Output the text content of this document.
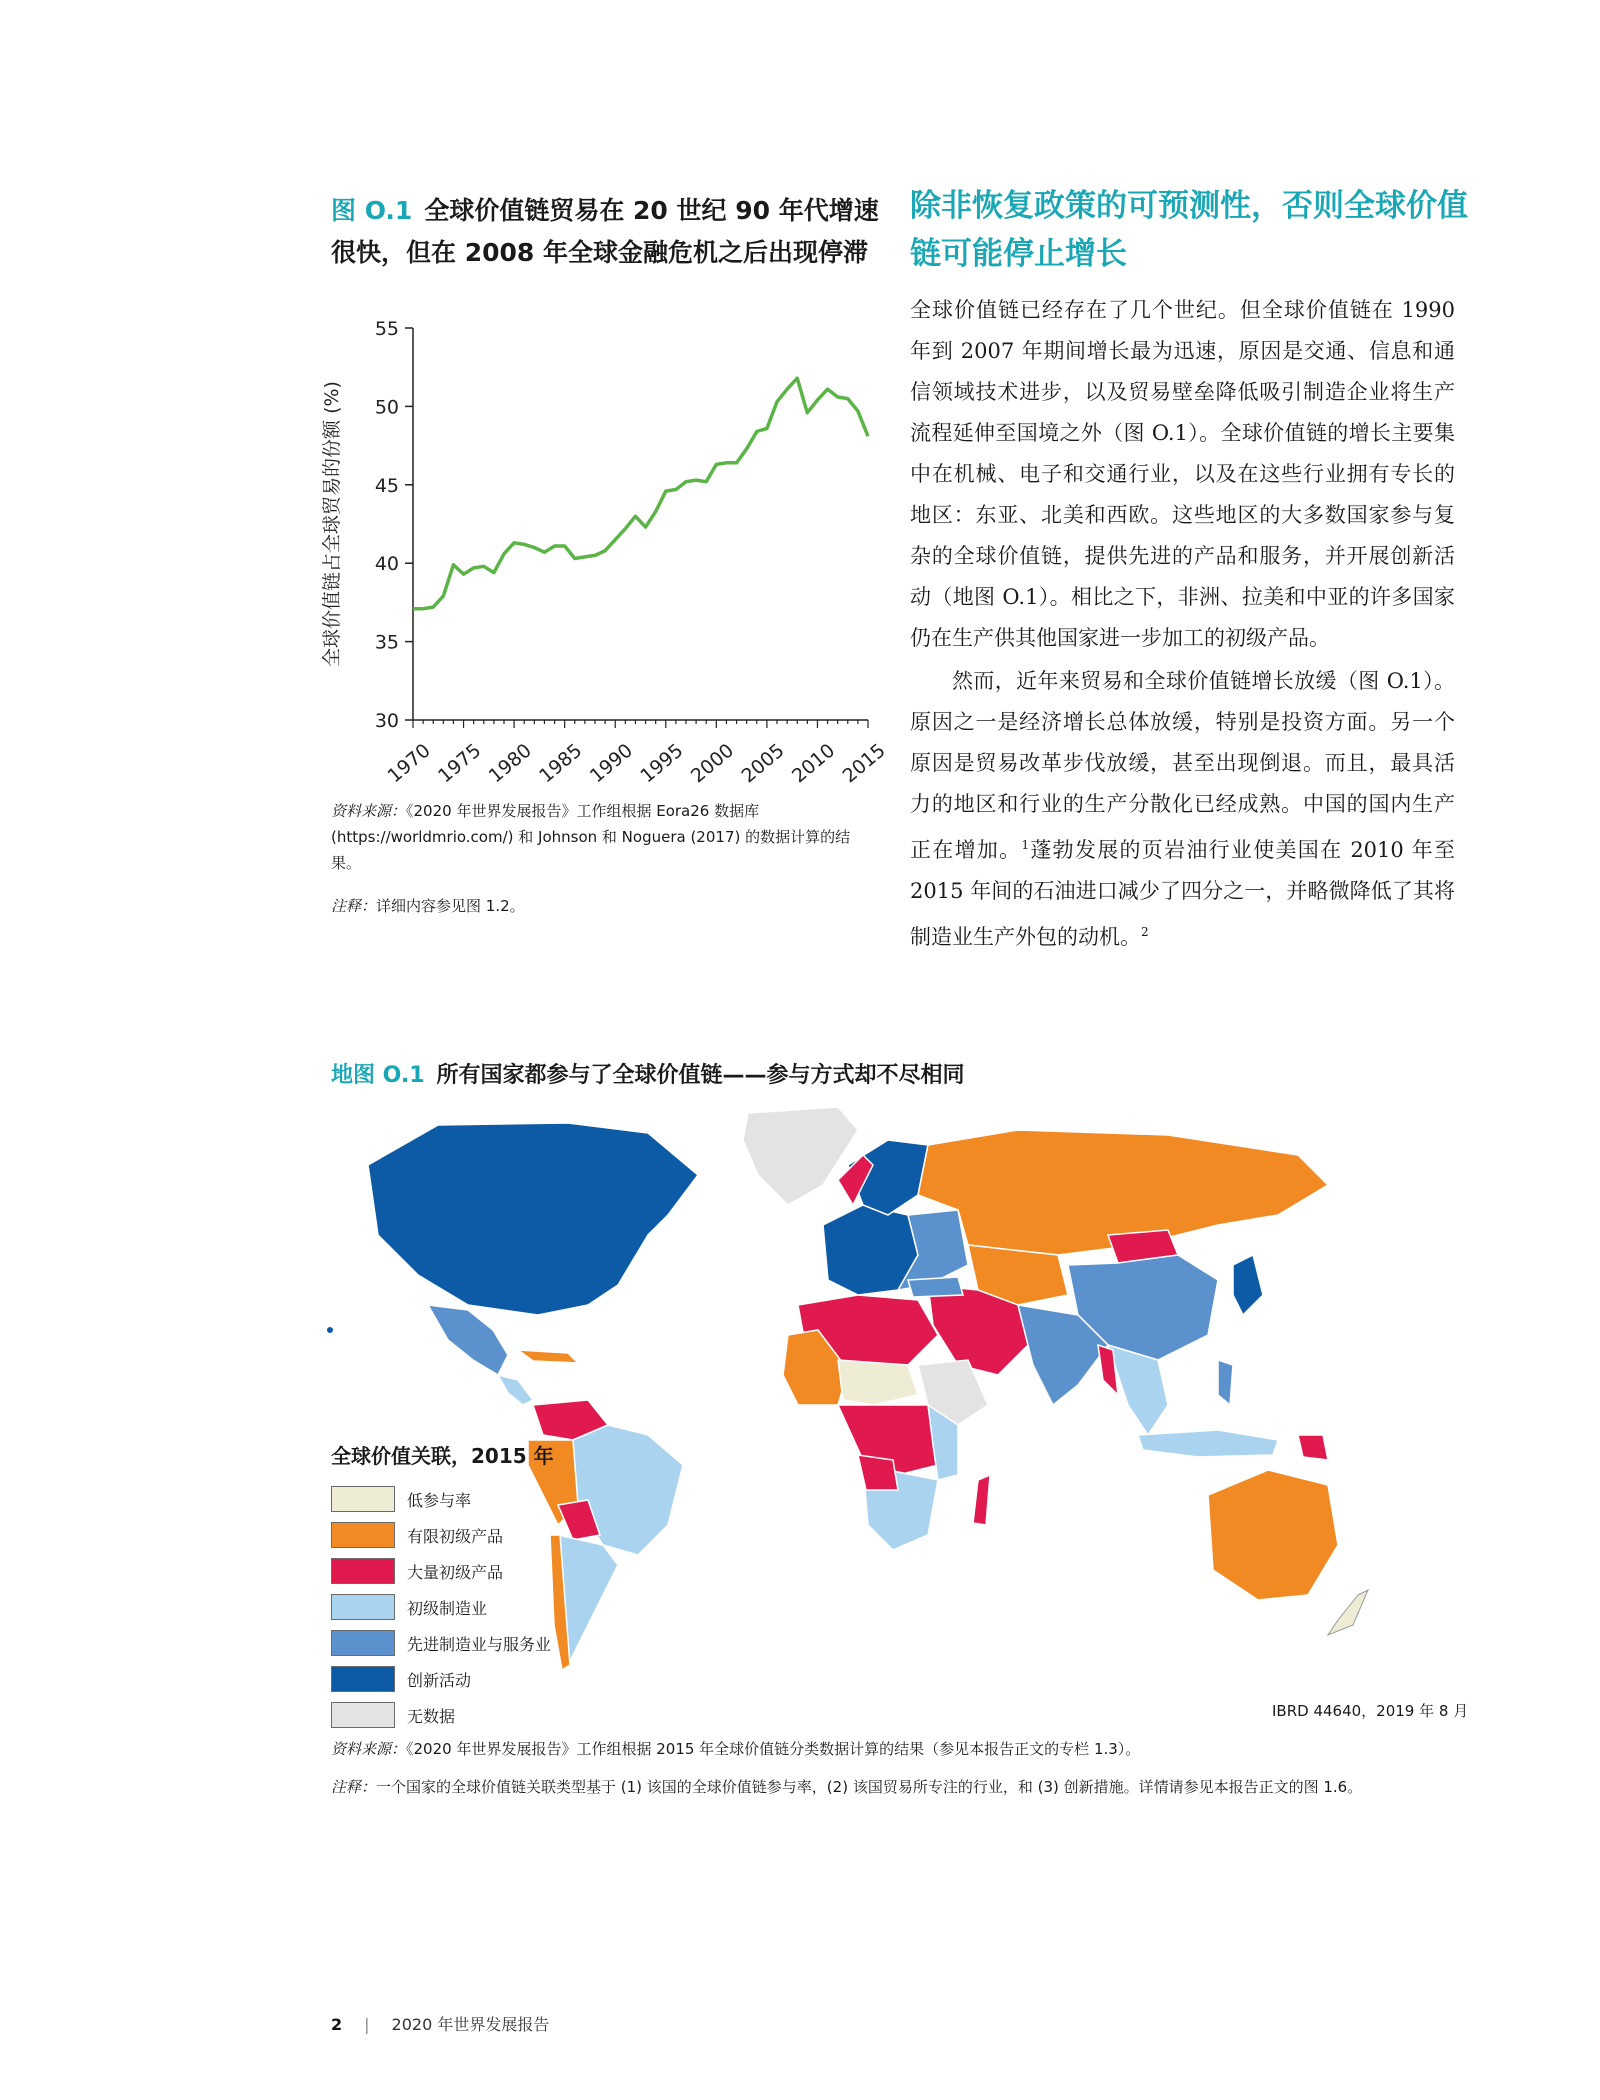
图 O.1 全球价值链贸易在 20 世纪 90 年代增速很快，但在 2008 年全球金融危机之后出现停滞
30
35
40
45
50
55
1970 1975 1980 1985 1990 1995 2000 2005 2010 2015
全球价值链占全球贸易的份额 (%)
资料来源：《2020 年世界发展报告》工作组根据 Eora26 数据库 (https://worldmrio.com/) 和 Johnson 和 Noguera (2017) 的数据计算的结果。
注释：详细内容参见图 1.2。
除非恢复政策的可预测性，否则全球价值链可能停止增长

全球价值链已经存在了几个世纪。但全球价值链在 1990 年到 2007 年期间增长最为迅速，原因是交通、信息和通信领域技术进步，以及贸易壁垒降低吸引制造企业将生产流程延伸至国境之外（图 O.1）。全球价值链的增长主要集中在机械、电子和交通行业，以及在这些行业拥有专长的地区：东亚、北美和西欧。这些地区的大多数国家参与复杂的全球价值链，提供先进的产品和服务，并开展创新活动（地图 O.1）。相比之下，非洲、拉美和中亚的许多国家仍在生产供其他国家进一步加工的初级产品。

然而，近年来贸易和全球价值链增长放缓（图 O.1）。原因之一是经济增长总体放缓，特别是投资方面。另一个原因是贸易改革步伐放缓，甚至出现倒退。而且，最具活力的地区和行业的生产分散化已经成熟。中国的国内生产正在增加。$^1$蓬勃发展的页岩油行业使美国在 2010 年至 2015 年间的石油进口减少了四分之一，并略微降低了其将制造业生产外包的动机。$^2$

地图 O.1 所有国家都参与了全球价值链——参与方式却不尽相同
全球价值关联，2015 年
低参与率
有限初级产品
大量初级产品
初级制造业
先进制造业与服务业
创新活动
无数据	IBRD 44640，2019 年 8 月
资料来源：《2020 年世界发展报告》工作组根据 2015 年全球价值链分类数据计算的结果（参见本报告正文的专栏 1.3）。
注释：一个国家的全球价值链关联类型基于 (1) 该国的全球价值链参与率，(2) 该国贸易所专注的行业，和 (3) 创新措施。详情请参见本报告正文的图 1.6。
2 | 2020 年世界发展报告
